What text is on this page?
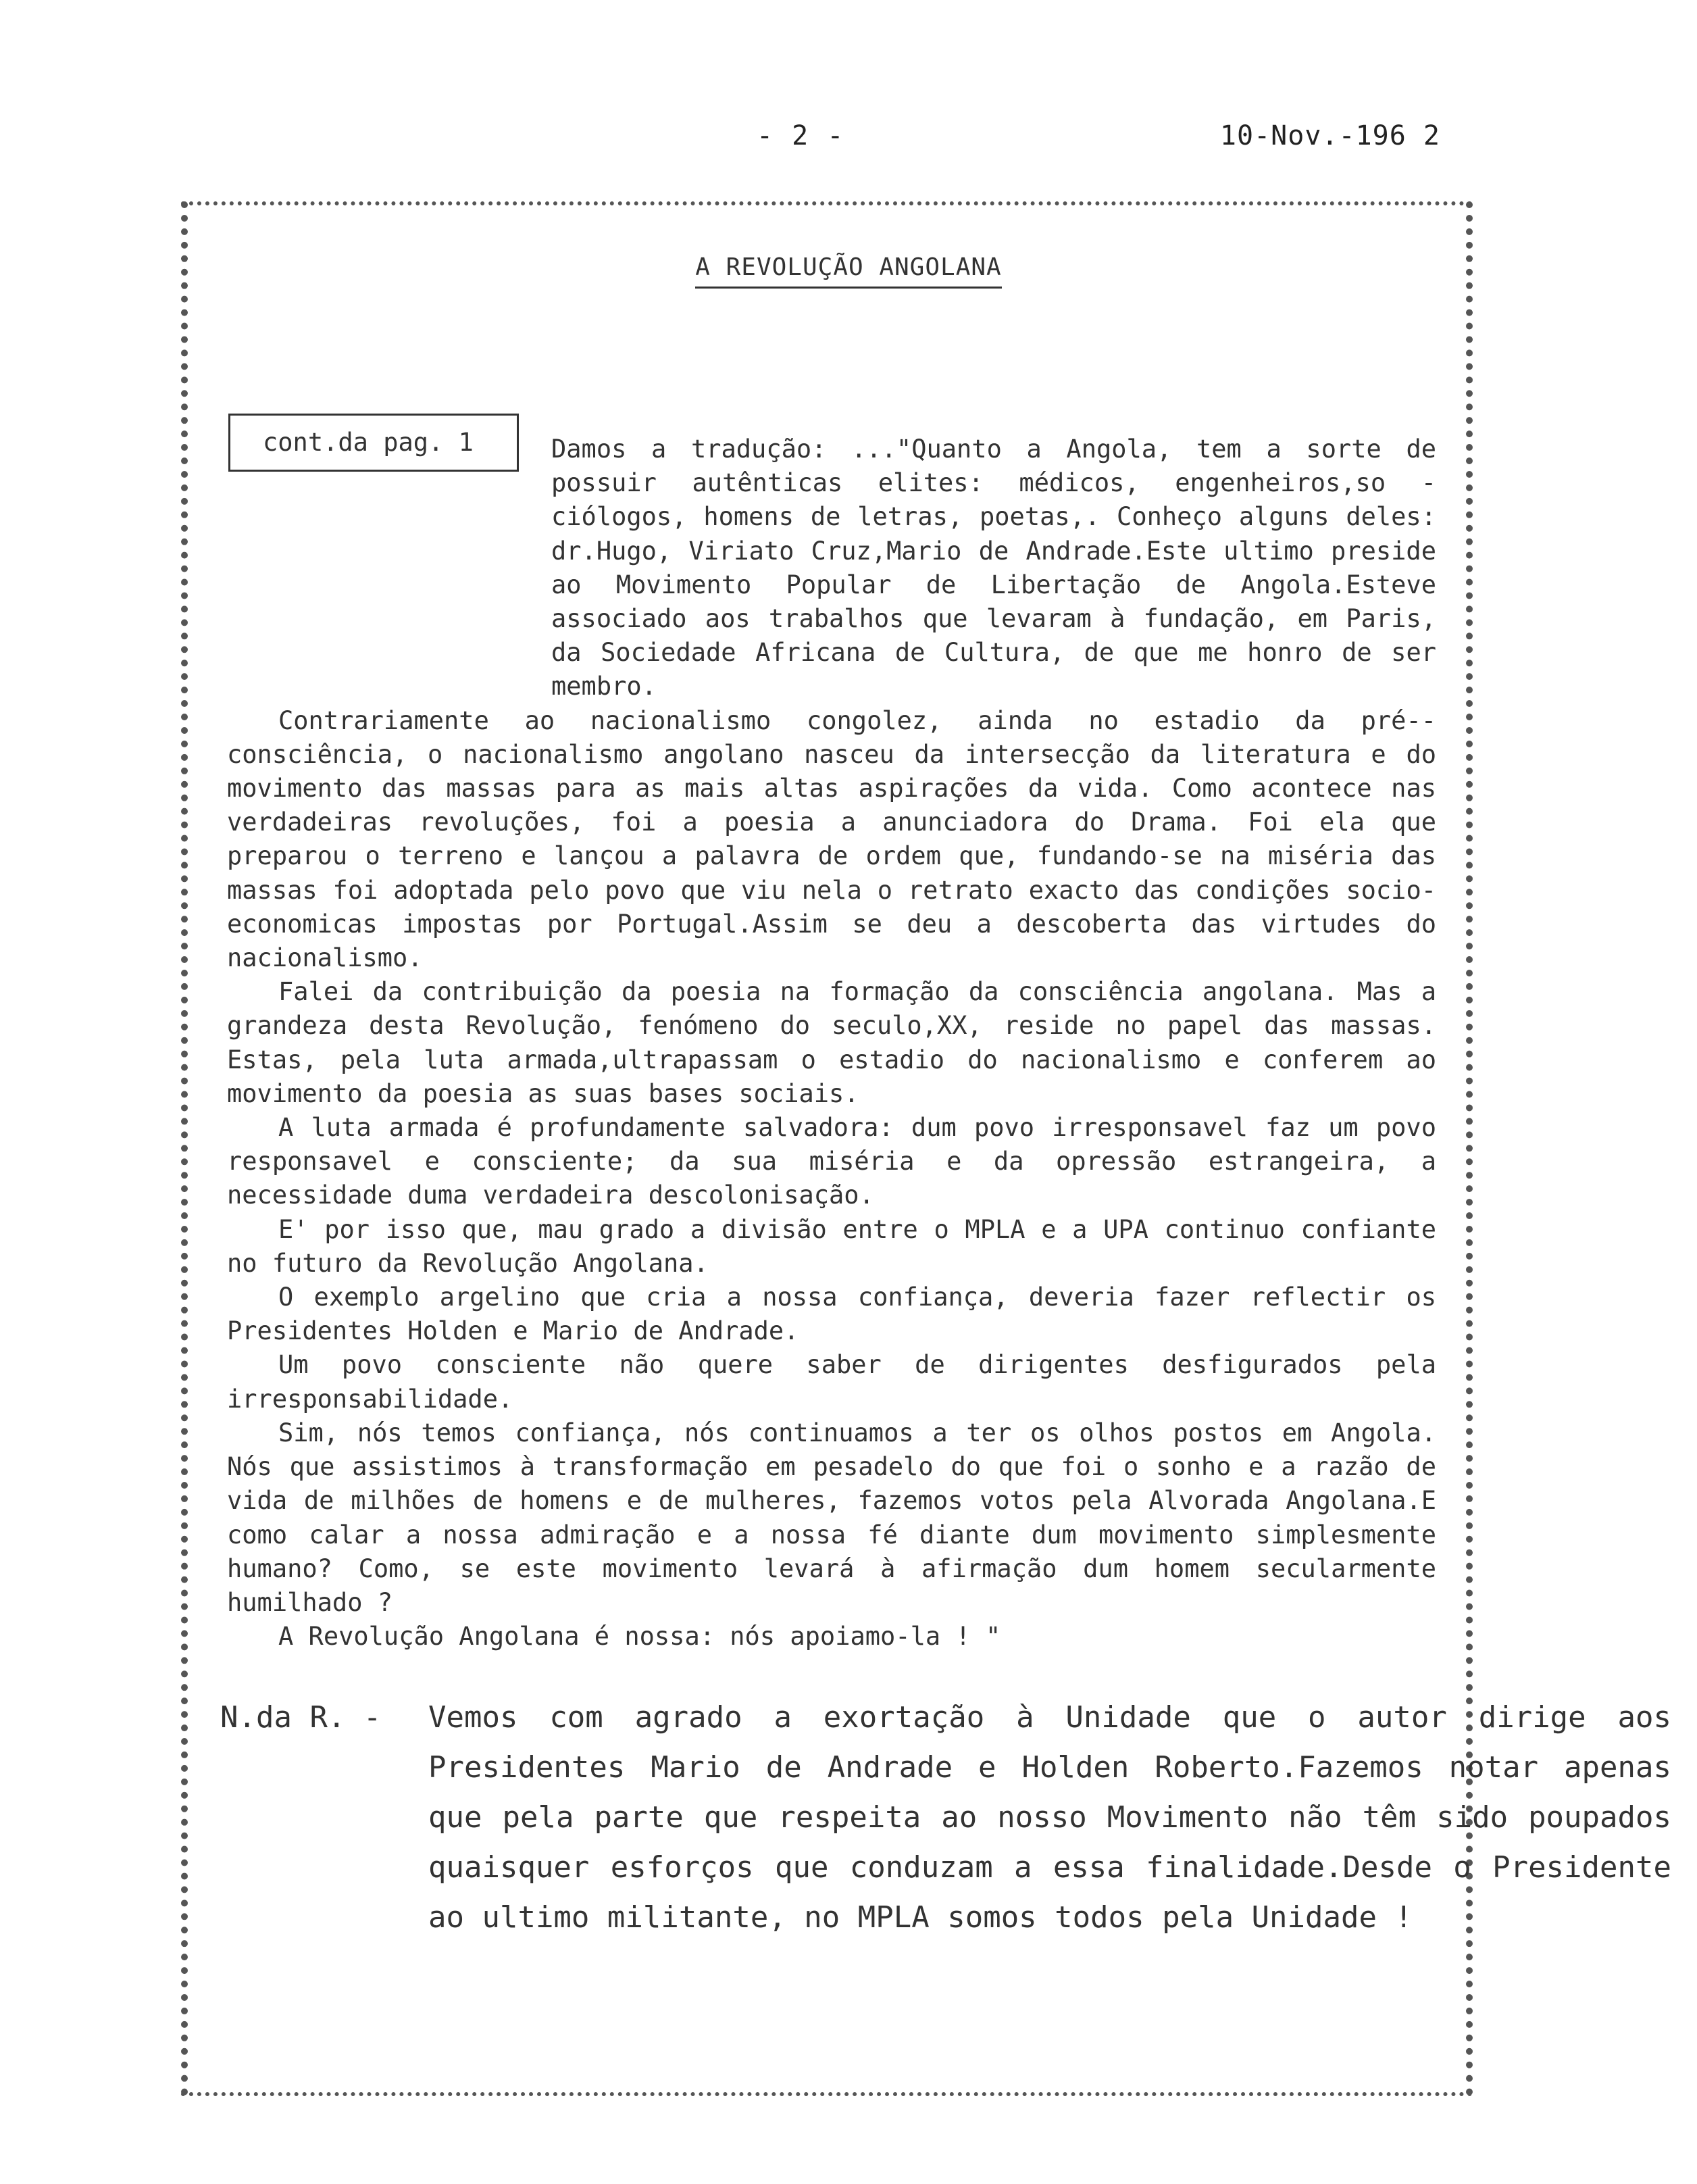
- 2 -	10-Nov.-196 2
A REVOLUÇÃO ANGOLANA
cont.da pag. 1	Damos a tradução: ..."Quanto a Angola, tem a sorte de possuir autênticas elites: médicos, engenheiros,so - ciólogos, homens de letras, poetas,. Conheço alguns deles: dr.Hugo, Viriato Cruz,Mario de Andrade.Este ultimo preside ao Movimento Popular de Libertação de Angola.Esteve associado aos trabalhos que levaram à fundação, em Paris, da Sociedade Africana de Cultura, de que me honro de ser membro.

Contrariamente ao nacionalismo congolez, ainda no estadio da pré--consciência, o nacionalismo angolano nasceu da intersecção da literatura e do movimento das massas para as mais altas aspirações da vida. Como acontece nas verdadeiras revoluções, foi a poesia a anunciadora do Drama. Foi ela que preparou o terreno e lançou a palavra de ordem que, fundando-se na miséria das massas foi adoptada pelo povo que viu nela o retrato exacto das condições socio-economicas impostas por Portugal.Assim se deu a descoberta das virtudes do nacionalismo.

Falei da contribuição da poesia na formação da consciência angolana. Mas a grandeza desta Revolução, fenómeno do seculo,XX, reside no papel das massas. Estas, pela luta armada,ultrapassam o estadio do nacionalismo e conferem ao movimento da poesia as suas bases sociais.

A luta armada é profundamente salvadora: dum povo irresponsavel faz um povo responsavel e consciente; da sua miséria e da opressão estrangeira, a necessidade duma verdadeira descolonisação.

E' por isso que, mau grado a divisão entre o MPLA e a UPA continuo confiante no futuro da Revolução Angolana.

O exemplo argelino que cria a nossa confiança, deveria fazer reflectir os Presidentes Holden e Mario de Andrade.

Um povo consciente não quere saber de dirigentes desfigurados pela irresponsabilidade.

Sim, nós temos confiança, nós continuamos a ter os olhos postos em Angola. Nós que assistimos à transformação em pesadelo do que foi o sonho e a razão de vida de milhões de homens e de mulheres, fazemos votos pela Alvorada Angolana.E como calar a nossa admiração e a nossa fé diante dum movimento simplesmente humano? Como, se este movimento levará à afirmação dum homem secularmente humilhado ?

A Revolução Angolana é nossa: nós apoiamo-la ! "

N.da R. - Vemos com agrado a exortação à Unidade que o autor dirige aos Presidentes Mario de Andrade e Holden Roberto.Fazemos notar apenas que pela parte que respeita ao nosso Movimento não têm sido poupados quaisquer esforços que conduzam a essa finalidade.Desde o Presidente ao ultimo militante, no MPLA somos todos pela Unidade !
